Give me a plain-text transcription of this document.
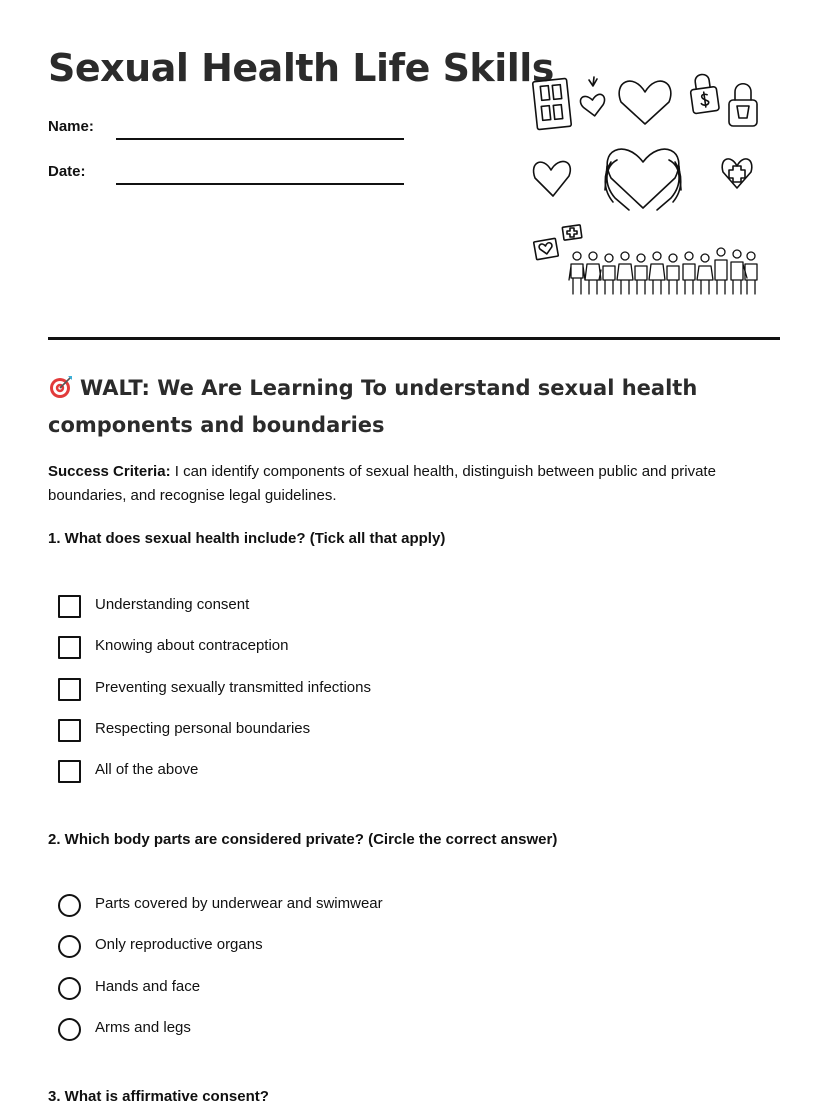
Sexual Health Life Skills
Name:
Date:
WALT: We Are Learning To understand sexual health components and boundaries

Success Criteria: I can identify components of sexual health, distinguish between public and private boundaries, and recognise legal guidelines.

1. What does sexual health include? (Tick all that apply)

Understanding consent
Knowing about contraception
Preventing sexually transmitted infections
Respecting personal boundaries
All of the above

2. Which body parts are considered private? (Circle the correct answer)

Parts covered by underwear and swimwear
Only reproductive organs
Hands and face
Arms and legs

3. What is affirmative consent?
